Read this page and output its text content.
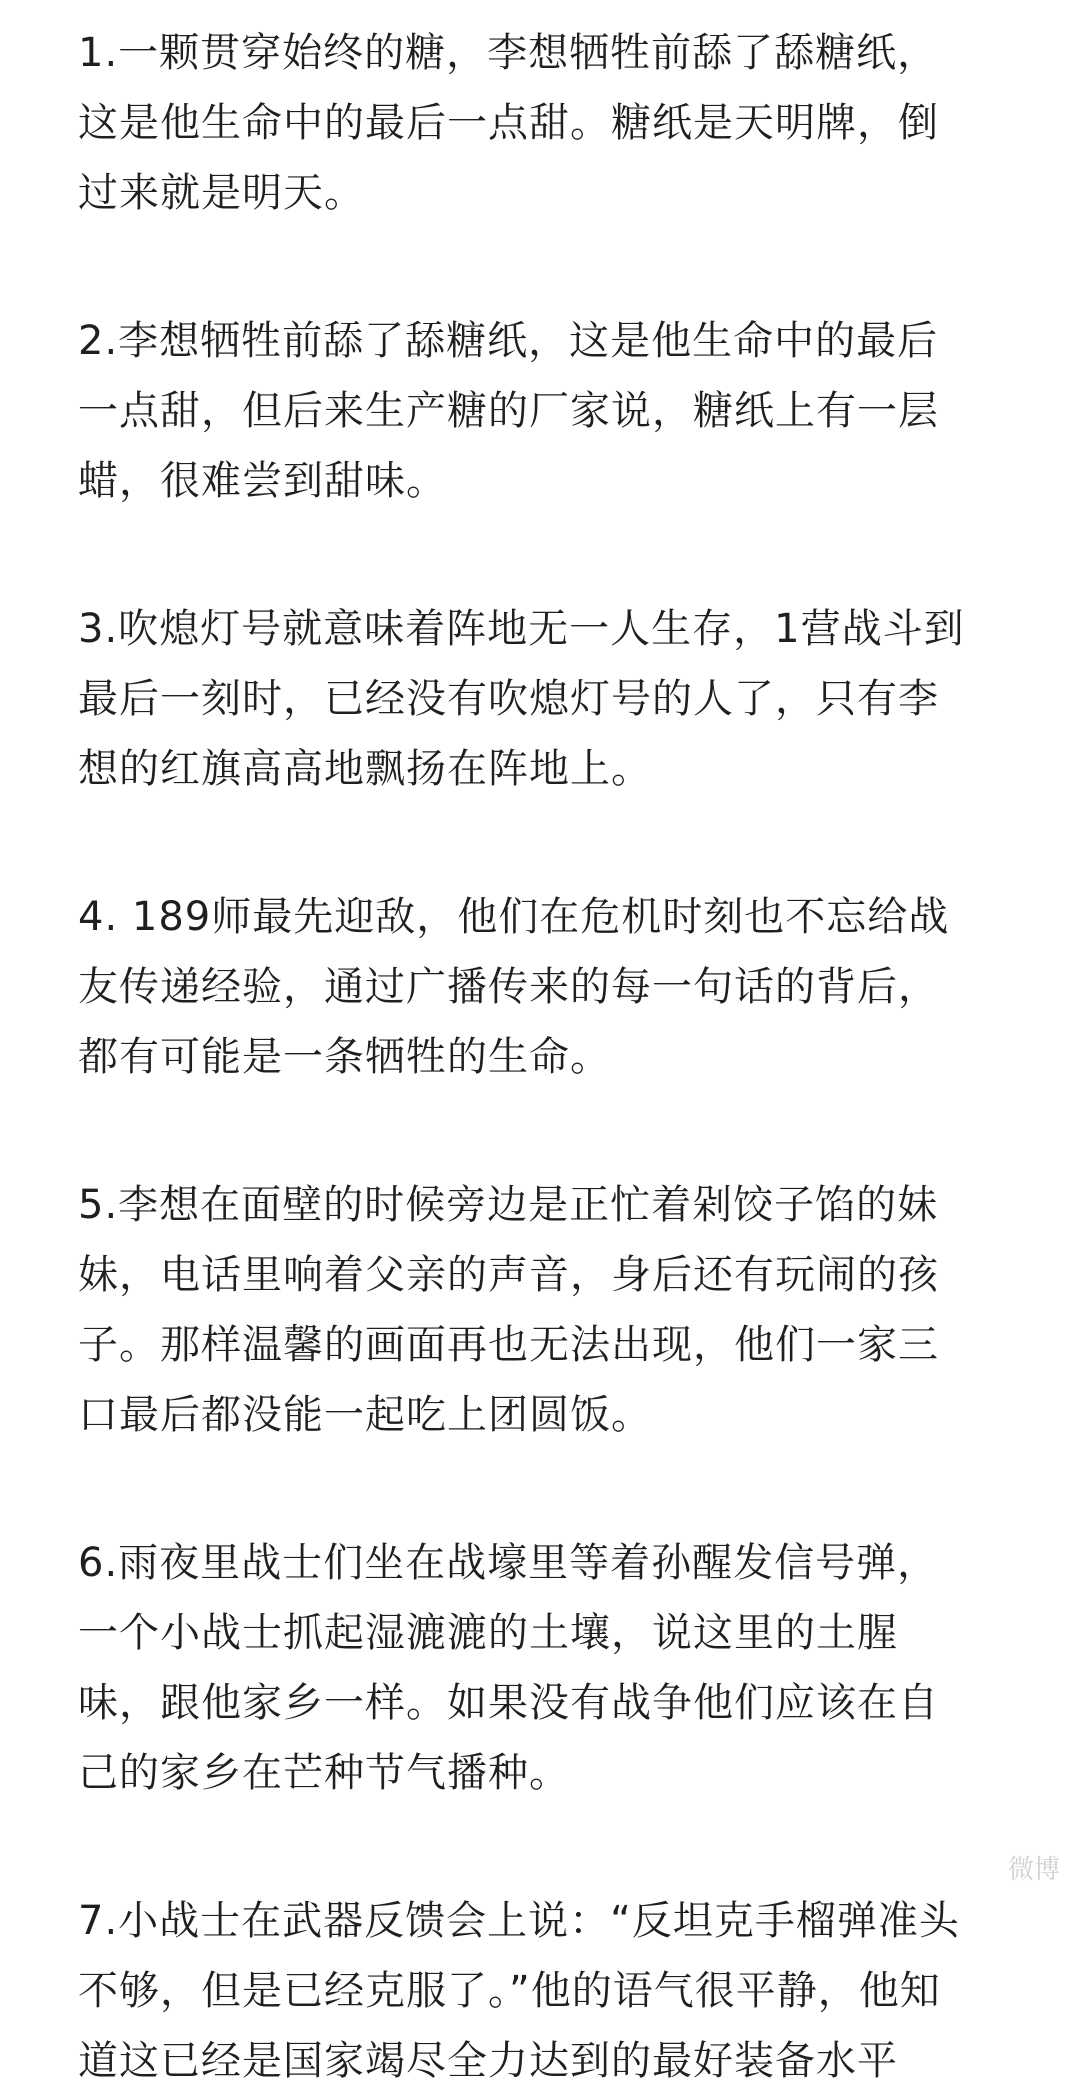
1.一颗贯穿始终的糖，李想牺牲前舔了舔糖纸，
这是他生命中的最后一点甜。糖纸是天明牌，倒
过来就是明天。

2.李想牺牲前舔了舔糖纸，这是他生命中的最后
一点甜，但后来生产糖的厂家说，糖纸上有一层
蜡，很难尝到甜味。

3.吹熄灯号就意味着阵地无一人生存，1营战斗到
最后一刻时，已经没有吹熄灯号的人了，只有李
想的红旗高高地飘扬在阵地上。

4. 189师最先迎敌，他们在危机时刻也不忘给战
友传递经验，通过广播传来的每一句话的背后，
都有可能是一条牺牲的生命。

5.李想在面壁的时候旁边是正忙着剁饺子馅的妹
妹，电话里响着父亲的声音，身后还有玩闹的孩
子。那样温馨的画面再也无法出现，他们一家三
口最后都没能一起吃上团圆饭。

6.雨夜里战士们坐在战壕里等着孙醒发信号弹，
一个小战士抓起湿漉漉的土壤，说这里的土腥
味，跟他家乡一样。如果没有战争他们应该在自
己的家乡在芒种节气播种。

7.小战士在武器反馈会上说：“反坦克手榴弹准头
不够，但是已经克服了。”他的语气很平静，他知
道这已经是国家竭尽全力达到的最好装备水平

微博
